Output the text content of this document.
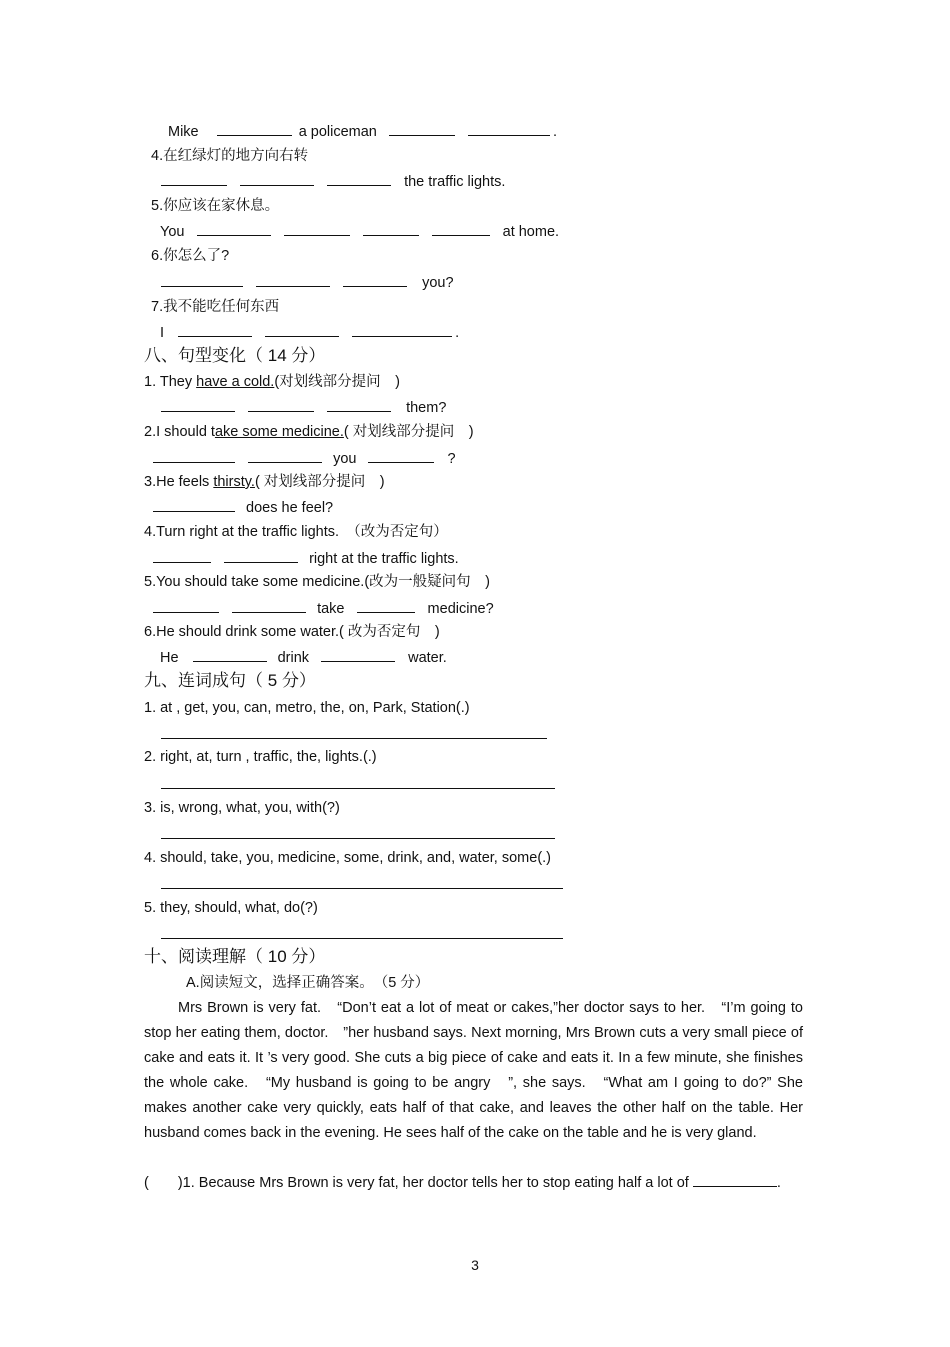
Mike	a policeman	.
4.在红绿灯的地方向右转
the traffic lights.
5.你应该在家休息。
You	at home.
6.你怎么了?
you?
7.我不能吃任何东西
I	.
八、句型变化（ 14 分）
1. They have a cold.(对划线部分提问　)
them?
2.I should take some medicine.( 对划线部分提问　)
you	?
3.He feels thirsty.( 对划线部分提问　)
does he feel?
4.Turn right at the traffic lights.　（改为否定句）
right at the traffic lights.
5.You should take some medicine.(改为一般疑问句　)
take	medicine?
6.He should drink some water.( 改为否定句　)
He	drink	water.
九、连词成句（ 5 分）
1. at , get, you, can, metro, the, on, Park, Station(.)
2. right, at, turn , traffic, the, lights.(.)
3. is, wrong, what, you, with(?)
4. should, take, you, medicine, some, drink, and, water, some(.)
5. they, should, what, do(?)
十、阅读理解（ 10 分）
A.阅读短文，选择正确答案。　（5 分）
Mrs Brown is very fat.　“Don’t eat a lot of meat or cakes,”her doctor says to her.　“I’m going to stop her eating them, doctor.　”her husband says. Next morning, Mrs Brown cuts a very small piece of cake and eats it. It ’s very good. She cuts a big piece of cake and eats it. In a few minute, she finishes the whole cake.　“My husband is going to be angry　”, she says.　“What am I going to do?” She makes another cake very quickly, eats half of that cake, and leaves the other half on the table. Her husband comes back in the evening. He sees half of the cake on the table and he is very gland.
(　　)1. Because Mrs Brown is very fat, her doctor tells her to stop eating half a lot of	.
3
